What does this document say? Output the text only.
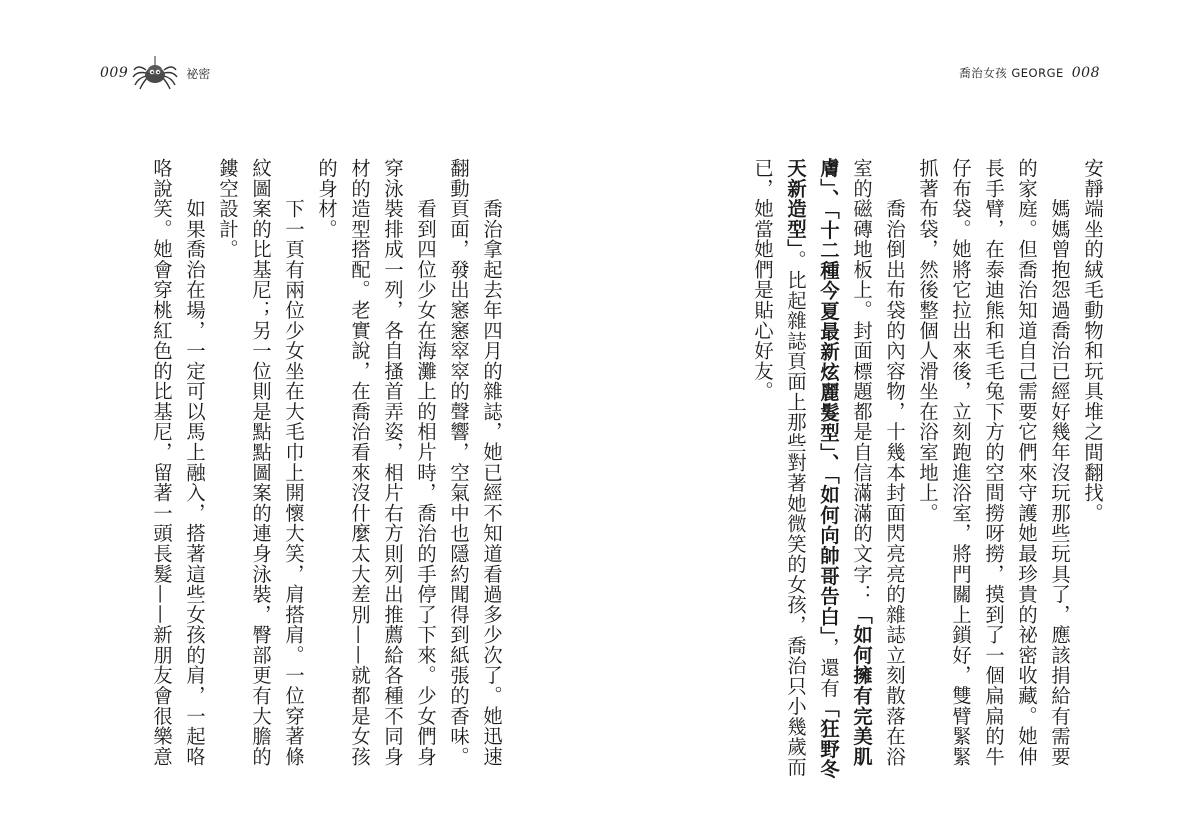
009	祕密
　　喬治拿起去年四月的雜誌，她已經不知道看過多少次了。她迅速
翻動頁面，發出窸窸窣窣的聲響，空氣中也隱約聞得到紙張的香味。
　　看到四位少女在海灘上的相片時，喬治的手停了下來。少女們身
穿泳裝排成一列，各自搔首弄姿，相片右方則列出推薦給各種不同身
材的造型搭配。老實說，在喬治看來沒什麼太大差別——就都是女孩
的身材。
　　下一頁有兩位少女坐在大毛巾上開懷大笑，肩搭肩。一位穿著條
紋圖案的比基尼；另一位則是點點圖案的連身泳裝，臀部更有大膽的
鏤空設計。
　　如果喬治在場，一定可以馬上融入，搭著這些女孩的肩，一起咯
咯說笑。她會穿桃紅色的比基尼，留著一頭長髮——新朋友會很樂意
喬治女孩 GEORGE 008
安靜端坐的絨毛動物和玩具堆之間翻找。
　　媽媽曾抱怨過喬治已經好幾年沒玩那些玩具了，應該捐給有需要
的家庭。但喬治知道自己需要它們來守護她最珍貴的祕密收藏。她伸
長手臂，在泰迪熊和毛毛兔下方的空間撈呀撈，摸到了一個扁扁的牛
仔布袋。她將它拉出來後，立刻跑進浴室，將門關上鎖好，雙臂緊緊
抓著布袋，然後整個人滑坐在浴室地上。
　　喬治倒出布袋的內容物，十幾本封面閃亮亮的雜誌立刻散落在浴
室的磁磚地板上。封面標題都是自信滿滿的文字：「如何擁有完美肌
膚」、「十二種今夏最新炫麗髮型」、「如何向帥哥告白」，還有「狂野冬
天新造型」。比起雜誌頁面上那些對著她微笑的女孩，喬治只小幾歲而
已，她當她們是貼心好友。
